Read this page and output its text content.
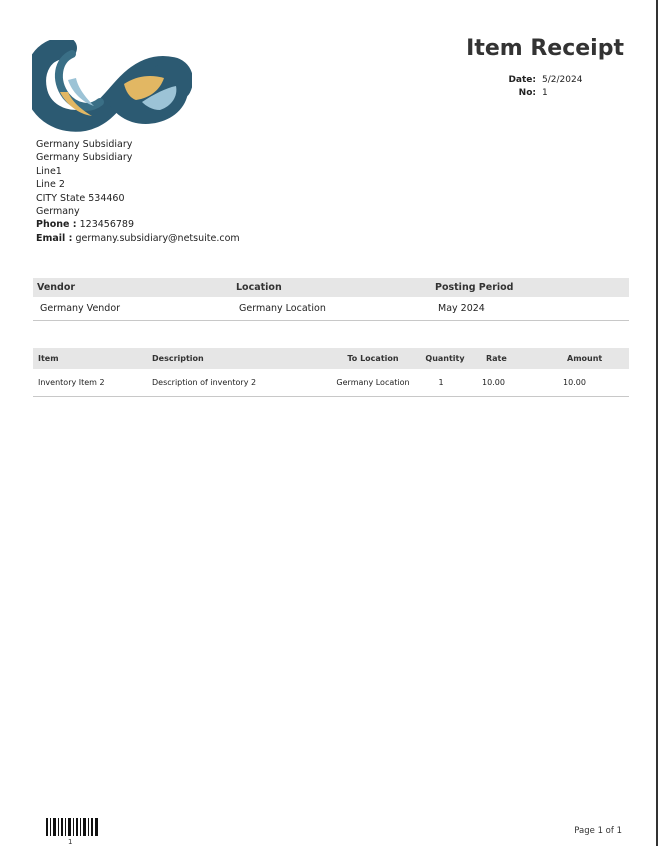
Item Receipt
Date: 5/2/2024
No: 1
Germany Subsidiary
Germany Subsidiary
Line1
Line 2
CITY State 534460
Germany
Phone : 123456789
Email : germany.subsidiary@netsuite.com
Vendor	Location	Posting Period
Germany Vendor	Germany Location	May 2024
Item	Description	To Location	Quantity	Rate	Amount
Inventory Item 2	Description of inventory 2	Germany Location	1	10.00	10.00
1
Page 1 of 1
